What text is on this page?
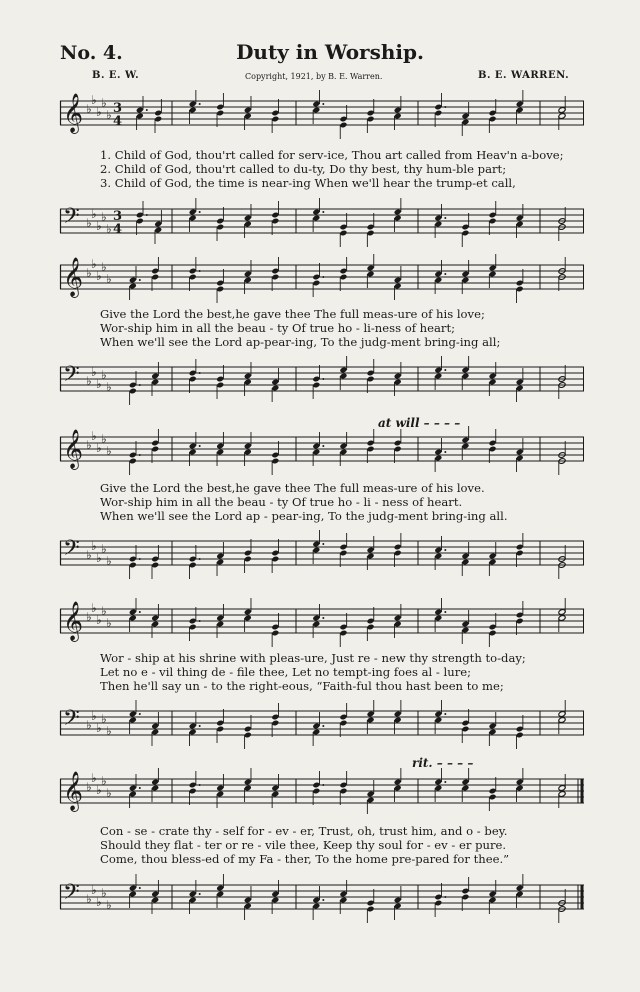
No. 4.	Duty in Worship.
B. E. W.	Copyright, 1921, by B. E. Warren.	B. E. WARREN.
𝄞 ♭
♭
♭
♭
♭ 3
4
1. Child of God, thou'rt called for serv-ice, Thou art called from Heav'n a-bove;
2. Child of God, thou'rt called to du-ty, Do thy best, thy hum-ble part;
3. Child of God, the time is near-ing When we'll hear the trump-et call,
𝄢 ♭
♭
♭
♭
♭
3
4
𝄞 ♭
♭
♭
♭
♭
Give the Lord the best,he gave thee The full meas-ure of his love;
Wor-ship him in all the beau - ty Of true ho - li-ness of heart;
When we'll see the Lord ap-pear-ing, To the judg-ment bring-ing all;
𝄢 ♭
♭
♭
♭
♭
at will – – – –
𝄞 ♭
♭
♭
♭
♭
Give the Lord the best,he gave thee The full meas-ure of his love.
Wor-ship him in all the beau - ty Of true ho - li - ness of heart.
When we'll see the Lord ap - pear-ing, To the judg-ment bring-ing all.
𝄢 ♭
♭
♭
♭
♭
𝄞 ♭
♭
♭
♭
♭
Wor - ship at his shrine with pleas-ure, Just re - new thy strength to-day;
Let no e - vil thing de - file thee, Let no tempt-ing foes al - lure;
Then he'll say un - to the right-eous, “Faith-ful thou hast been to me;
𝄢 ♭
♭
♭
♭
♭
rit. – – – –
𝄞 ♭
♭
♭
♭
♭
Con - se - crate thy - self for - ev - er, Trust, oh, trust him, and o - bey.
Should they flat - ter or re - vile thee, Keep thy soul for - ev - er pure.
Come, thou bless-ed of my Fa - ther, To the home pre-pared for thee.”
𝄢 ♭
♭
♭
♭
♭
